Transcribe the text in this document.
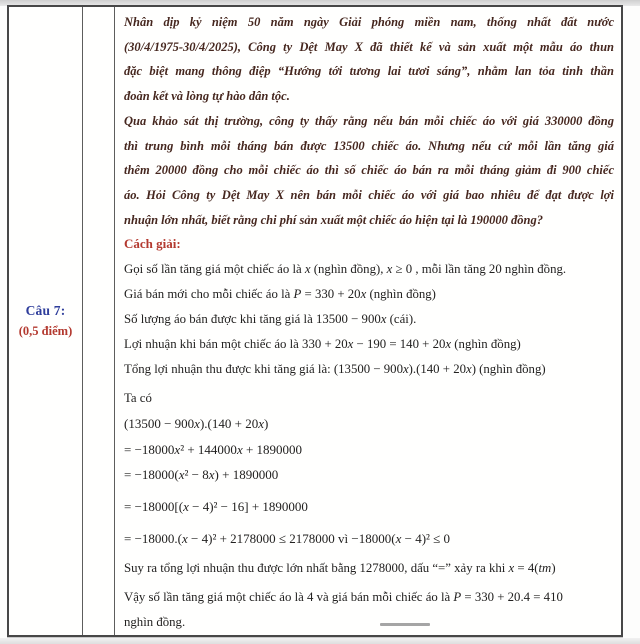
Câu 7:
(0,5 điểm)
Nhân dịp kỷ niệm 50 năm ngày Giải phóng miền nam, thống nhất đất nước
(30/4/1975-30/4/2025), Công ty Dệt May X đã thiết kế và sản xuất một mẫu áo thun
đặc biệt mang thông điệp “Hướng tới tương lai tươi sáng”, nhằm lan tỏa tinh thần
đoàn kết và lòng tự hào dân tộc.
Qua khảo sát thị trường, công ty thấy rằng nếu bán mỗi chiếc áo với giá 330000 đồng
thì trung bình mỗi tháng bán được 13500 chiếc áo. Nhưng nếu cứ mỗi lần tăng giá
thêm 20000 đồng cho mỗi chiếc áo thì số chiếc áo bán ra mỗi tháng giảm đi 900 chiếc
áo. Hỏi Công ty Dệt May X nên bán mỗi chiếc áo với giá bao nhiêu để đạt được lợi
nhuận lớn nhất, biết rằng chi phí sản xuất một chiếc áo hiện tại là 190000 đồng?
Cách giải:
Gọi số lần tăng giá một chiếc áo là x (nghìn đồng), x ≥ 0 , mỗi lần tăng 20 nghìn đồng.
Giá bán mới cho mỗi chiếc áo là P = 330 + 20x (nghìn đồng)
Số lượng áo bán được khi tăng giá là 13500 − 900x (cái).
Lợi nhuận khi bán một chiếc áo là 330 + 20x − 190 = 140 + 20x (nghìn đồng)
Tổng lợi nhuận thu được khi tăng giá là: (13500 − 900x).(140 + 20x) (nghìn đồng)
Ta có
(13500 − 900x).(140 + 20x)
= −18000x² + 144000x + 1890000
= −18000(x² − 8x) + 1890000
= −18000[(x − 4)² − 16] + 1890000
= −18000.(x − 4)² + 2178000 ≤ 2178000 vì −18000(x − 4)² ≤ 0
Suy ra tổng lợi nhuận thu được lớn nhất bằng 1278000, dấu “=” xảy ra khi x = 4(tm)
Vậy số lần tăng giá một chiếc áo là 4 và giá bán mỗi chiếc áo là P = 330 + 20.4 = 410
nghìn đồng.
